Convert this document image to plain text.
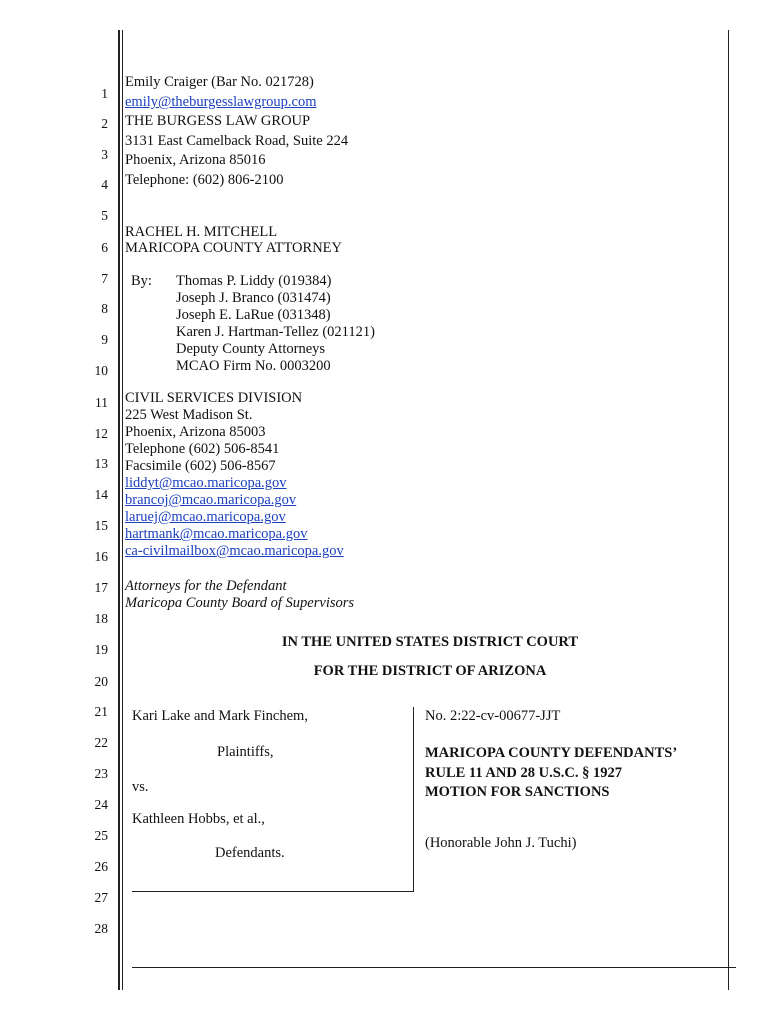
1
2
3
4
5
6
7
8
9
10
11
12
13
14
15
16
17
18
19
20
21
22
23
24
25
26
27
28
Emily Craiger (Bar No. 021728)
emily@theburgesslawgroup.com
THE BURGESS LAW GROUP
3131 East Camelback Road, Suite 224
Phoenix, Arizona 85016
Telephone: (602) 806-2100
RACHEL H. MITCHELL
MARICOPA COUNTY ATTORNEY
By: Thomas P. Liddy (019384)
Joseph J. Branco (031474)
Joseph E. LaRue (031348)
Karen J. Hartman-Tellez (021121)
Deputy County Attorneys
MCAO Firm No. 0003200
CIVIL SERVICES DIVISION
225 West Madison St.
Phoenix, Arizona 85003
Telephone (602) 506-8541
Facsimile (602) 506-8567
liddyt@mcao.maricopa.gov
brancoj@mcao.maricopa.gov
laruej@mcao.maricopa.gov
hartmank@mcao.maricopa.gov
ca-civilmailbox@mcao.maricopa.gov
Attorneys for the Defendant
Maricopa County Board of Supervisors
IN THE UNITED STATES DISTRICT COURT
FOR THE DISTRICT OF ARIZONA
Kari Lake and Mark Finchem,
Plaintiffs,
vs.
Kathleen Hobbs, et al.,
Defendants.
No. 2:22-cv-00677-JJT
MARICOPA COUNTY DEFENDANTS’
RULE 11 AND 28 U.S.C. § 1927
MOTION FOR SANCTIONS
(Honorable John J. Tuchi)
